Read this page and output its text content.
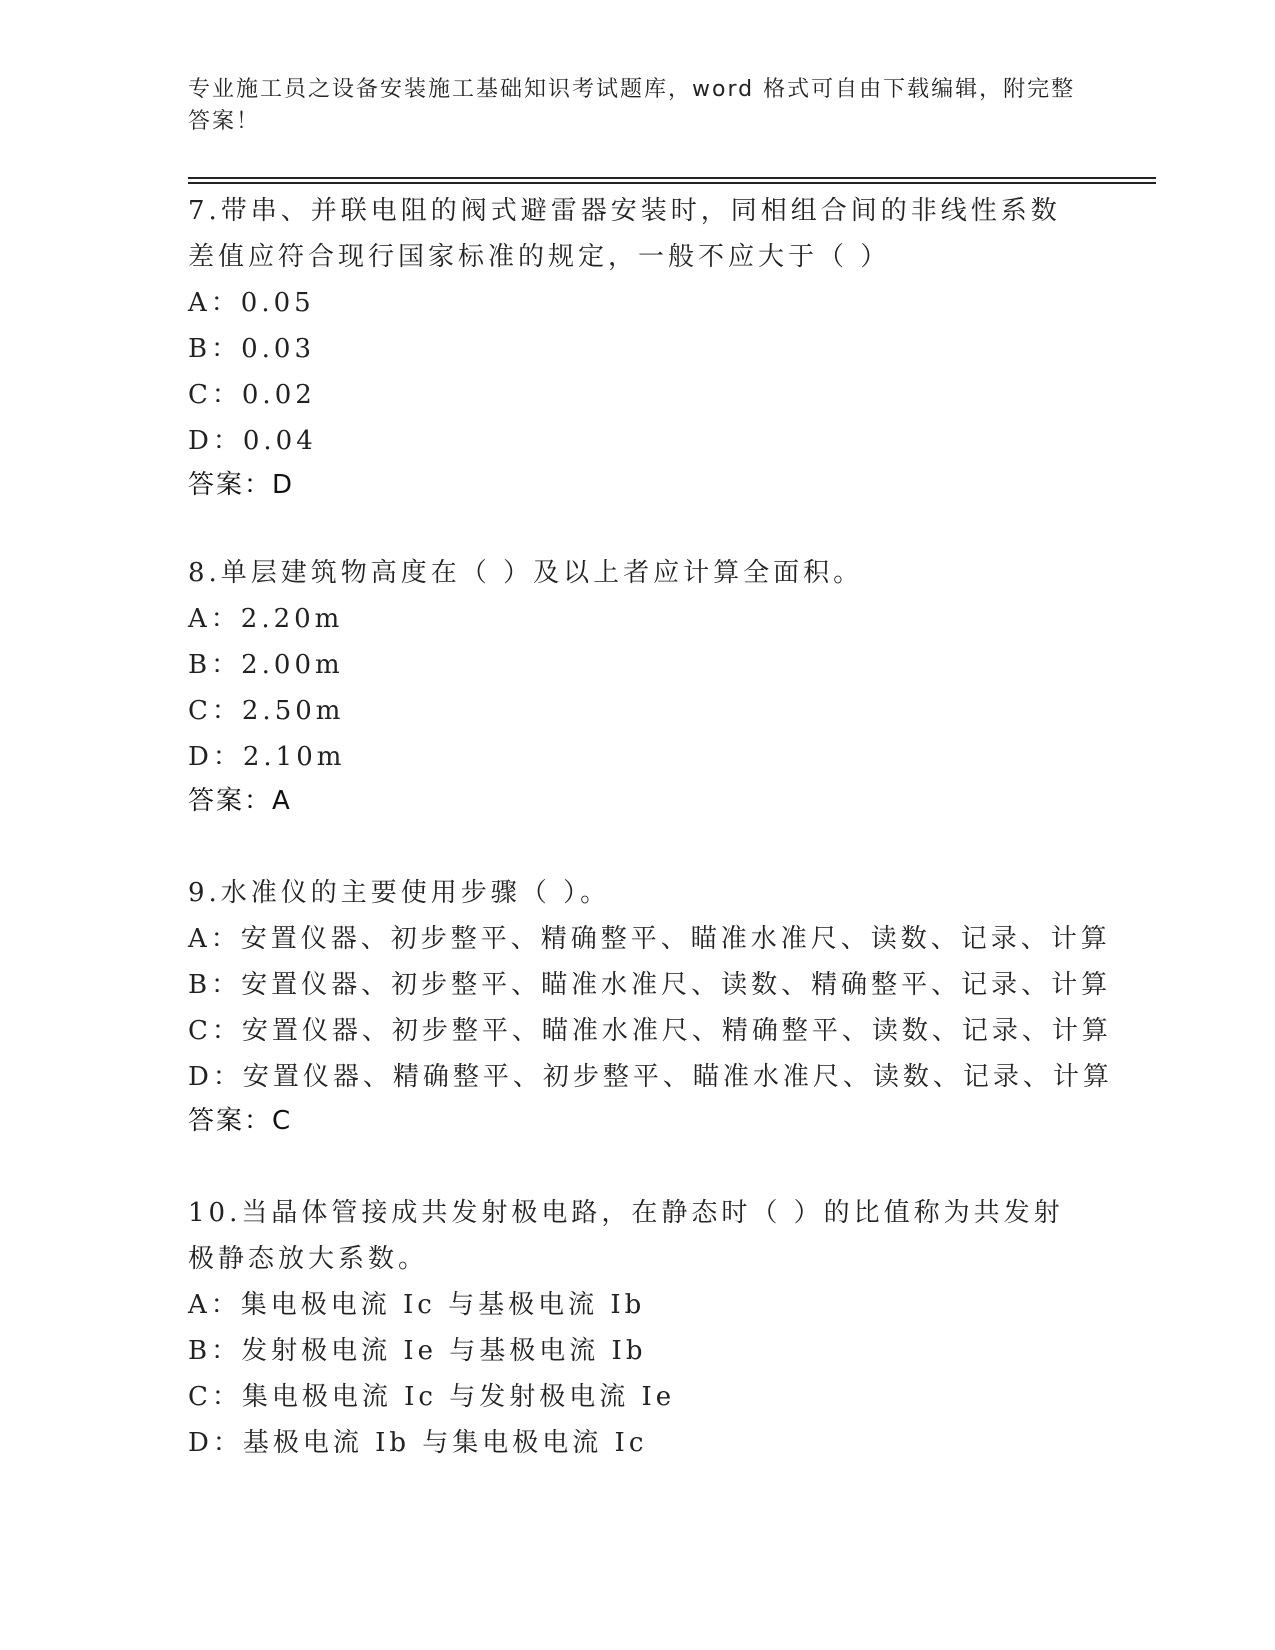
专业施工员之设备安装施工基础知识考试题库，word 格式可自由下载编辑，附完整答案！
7.带串、并联电阻的阀式避雷器安装时，同相组合间的非线性系数差值应符合现行国家标准的规定，一般不应大于（ ）
A：0.05
B：0.03
C：0.02
D：0.04
答案：D
8.单层建筑物高度在（ ）及以上者应计算全面积。
A：2.20m
B：2.00m
C：2.50m
D：2.10m
答案：A
9.水准仪的主要使用步骤（ ）。
A：安置仪器、初步整平、精确整平、瞄准水准尺、读数、记录、计算
B：安置仪器、初步整平、瞄准水准尺、读数、精确整平、记录、计算
C：安置仪器、初步整平、瞄准水准尺、精确整平、读数、记录、计算
D：安置仪器、精确整平、初步整平、瞄准水准尺、读数、记录、计算
答案：C
10.当晶体管接成共发射极电路，在静态时（ ）的比值称为共发射极静态放大系数。
A：集电极电流 Ic 与基极电流 Ib
B：发射极电流 Ie 与基极电流 Ib
C：集电极电流 Ic 与发射极电流 Ie
D：基极电流 Ib 与集电极电流 Ic
